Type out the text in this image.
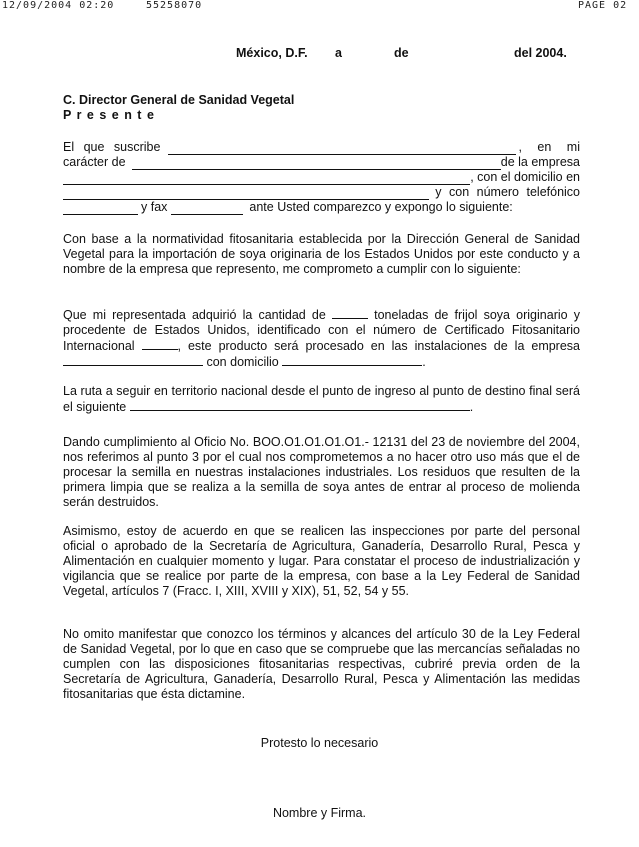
12/09/2004 02:20	55258070	PAGE 02
México, D.F. a	de	del 2004.
C. Director General de Sanidad Vegetal
P r e s e n t e
El que suscribe	, en mi
carácter de	de la empresa
, con el domicilio en
y con número telefónico
y fax	ante Usted comparezco y expongo lo siguiente:
Con base a la normatividad fitosanitaria establecida por la Dirección General de Sanidad Vegetal para la importación de soya originaria de los Estados Unidos por este conducto y a nombre de la empresa que represento, me comprometo a cumplir con lo siguiente:
Que mi representada adquirió la cantidad de	toneladas de frijol soya originario y procedente de Estados Unidos, identificado con el número de Certificado Fitosanitario Internacional	, este producto será procesado en las instalaciones de la empresa  con domicilio	.
La ruta a seguir en territorio nacional desde el punto de ingreso al punto de destino final será el siguiente	.
Dando cumplimiento al Oficio No. BOO.O1.O1.O1.O1.- 12131 del 23 de noviembre del 2004, nos referimos al punto 3 por el cual nos comprometemos a no hacer otro uso más que el de procesar la semilla en nuestras instalaciones industriales. Los residuos que resulten de la primera limpia que se realiza a la semilla de soya antes de entrar al proceso de molienda serán destruidos.
Asimismo, estoy de acuerdo en que se realicen las inspecciones por parte del personal oficial o aprobado de la Secretaría de Agricultura, Ganadería, Desarrollo Rural, Pesca y Alimentación en cualquier momento y lugar. Para constatar el proceso de industrialización y vigilancia que se realice por parte de la empresa, con base a la Ley Federal de Sanidad Vegetal, artículos 7 (Fracc. I, XIII, XVIII y XIX), 51, 52, 54 y 55.
No omito manifestar que conozco los términos y alcances del artículo 30 de la Ley Federal de Sanidad Vegetal, por lo que en caso que se compruebe que las mercancías señaladas no cumplen con las disposiciones fitosanitarias respectivas, cubriré previa orden de la Secretaría de Agricultura, Ganadería, Desarrollo Rural, Pesca y Alimentación las medidas fitosanitarias que ésta dictamine.
Protesto lo necesario
Nombre y Firma.
